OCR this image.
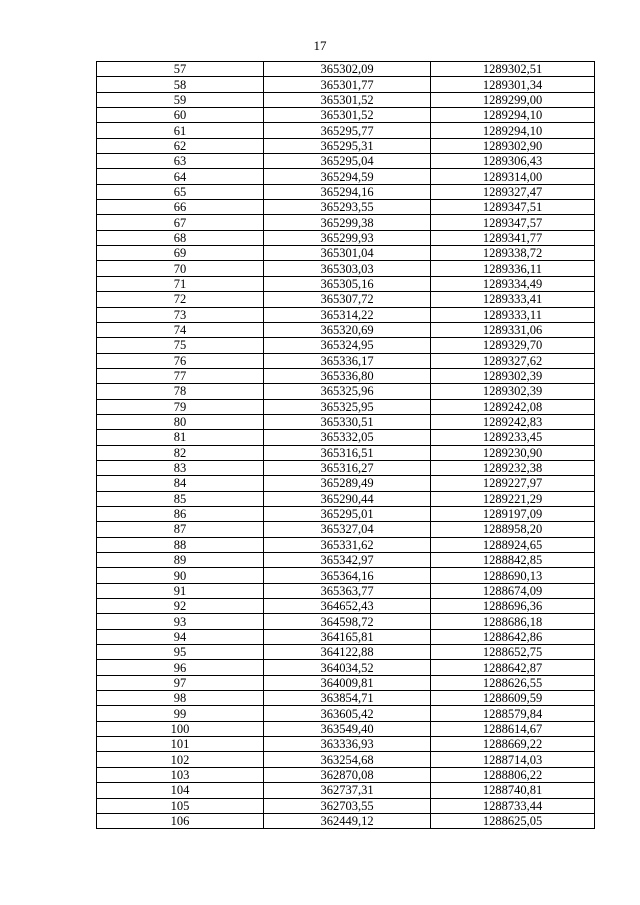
17
57	365302,09	1289302,51
58	365301,77	1289301,34
59	365301,52	1289299,00
60	365301,52	1289294,10
61	365295,77	1289294,10
62	365295,31	1289302,90
63	365295,04	1289306,43
64	365294,59	1289314,00
65	365294,16	1289327,47
66	365293,55	1289347,51
67	365299,38	1289347,57
68	365299,93	1289341,77
69	365301,04	1289338,72
70	365303,03	1289336,11
71	365305,16	1289334,49
72	365307,72	1289333,41
73	365314,22	1289333,11
74	365320,69	1289331,06
75	365324,95	1289329,70
76	365336,17	1289327,62
77	365336,80	1289302,39
78	365325,96	1289302,39
79	365325,95	1289242,08
80	365330,51	1289242,83
81	365332,05	1289233,45
82	365316,51	1289230,90
83	365316,27	1289232,38
84	365289,49	1289227,97
85	365290,44	1289221,29
86	365295,01	1289197,09
87	365327,04	1288958,20
88	365331,62	1288924,65
89	365342,97	1288842,85
90	365364,16	1288690,13
91	365363,77	1288674,09
92	364652,43	1288696,36
93	364598,72	1288686,18
94	364165,81	1288642,86
95	364122,88	1288652,75
96	364034,52	1288642,87
97	364009,81	1288626,55
98	363854,71	1288609,59
99	363605,42	1288579,84
100	363549,40	1288614,67
101	363336,93	1288669,22
102	363254,68	1288714,03
103	362870,08	1288806,22
104	362737,31	1288740,81
105	362703,55	1288733,44
106	362449,12	1288625,05
